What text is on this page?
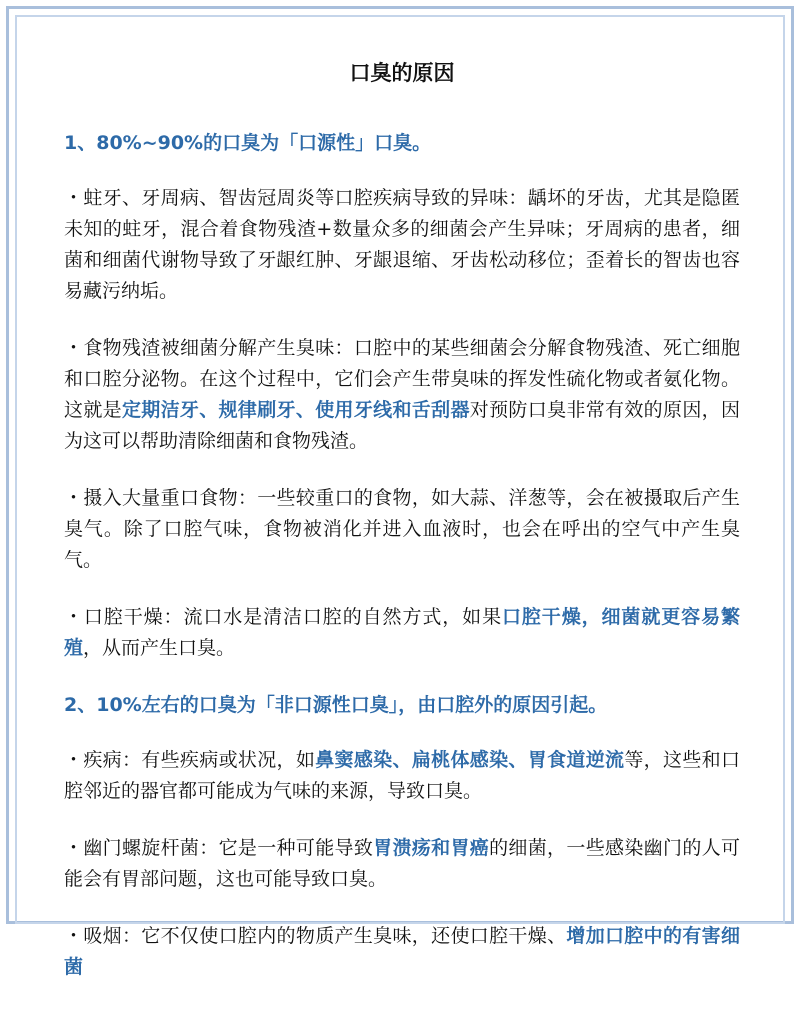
口臭的原因
1、80%~90%的口臭为「口源性」口臭。

・蛀牙、牙周病、智齿冠周炎等口腔疾病导致的异味：龋坏的牙齿，尤其是隐匿未知的蛀牙，混合着食物残渣+数量众多的细菌会产生异味；牙周病的患者，细菌和细菌代谢物导致了牙龈红肿、牙龈退缩、牙齿松动移位；歪着长的智齿也容易藏污纳垢。

・食物残渣被细菌分解产生臭味：口腔中的某些细菌会分解食物残渣、死亡细胞和口腔分泌物。在这个过程中，它们会产生带臭味的挥发性硫化物或者氨化物。这就是定期洁牙、规律刷牙、使用牙线和舌刮器对预防口臭非常有效的原因，因为这可以帮助清除细菌和食物残渣。

・摄入大量重口食物：一些较重口的食物，如大蒜、洋葱等，会在被摄取后产生臭气。除了口腔气味，食物被消化并进入血液时，也会在呼出的空气中产生臭气。

・口腔干燥：流口水是清洁口腔的自然方式，如果口腔干燥，细菌就更容易繁殖，从而产生口臭。

2、10%左右的口臭为「非口源性口臭」，由口腔外的原因引起。

・疾病：有些疾病或状况，如鼻窦感染、扁桃体感染、胃食道逆流等，这些和口腔邻近的器官都可能成为气味的来源，导致口臭。

・幽门螺旋杆菌：它是一种可能导致胃溃疡和胃癌的细菌，一些感染幽门的人可能会有胃部问题，这也可能导致口臭。

・吸烟：它不仅使口腔内的物质产生臭味，还使口腔干燥、增加口腔中的有害细菌
